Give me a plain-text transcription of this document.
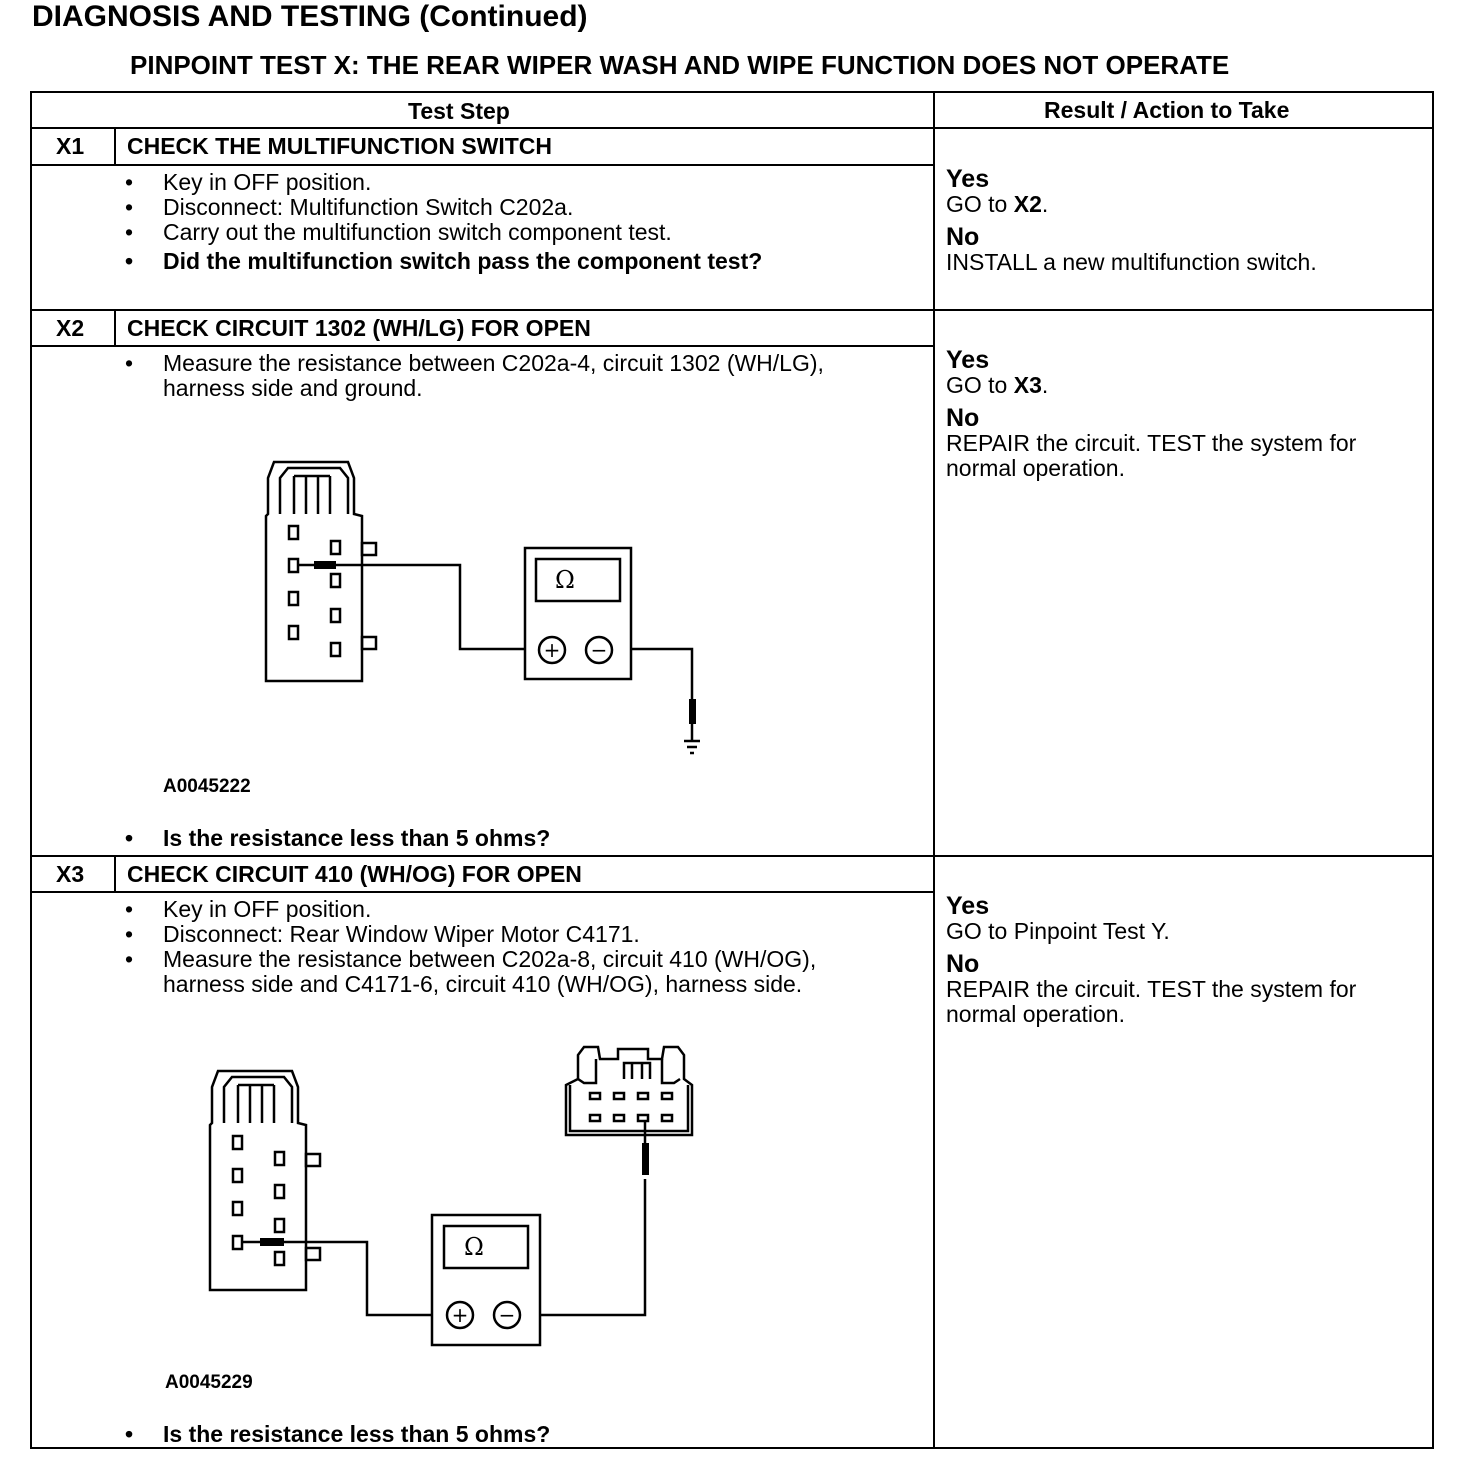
DIAGNOSIS AND TESTING (Continued)
PINPOINT TEST X: THE REAR WIPER WASH AND WIPE FUNCTION DOES NOT OPERATE
Test Step	Result / Action to Take
X1 CHECK THE MULTIFUNCTION SWITCH
• Key in OFF position.
• Disconnect: Multifunction Switch C202a.
• Carry out the multifunction switch component test.
• Did the multifunction switch pass the component test?
Yes
GO to X2.
No
INSTALL a new multifunction switch.
X2 CHECK CIRCUIT 1302 (WH/LG) FOR OPEN
• Measure the resistance between C202a-4, circuit 1302 (WH/LG),
harness side and ground.
Ω
+ −
A0045222
• Is the resistance less than 5 ohms?
Yes
GO to X3.
No
REPAIR the circuit. TEST the system for
normal operation.
X3 CHECK CIRCUIT 410 (WH/OG) FOR OPEN
• Key in OFF position.
• Disconnect: Rear Window Wiper Motor C4171.
• Measure the resistance between C202a-8, circuit 410 (WH/OG),
harness side and C4171-6, circuit 410 (WH/OG), harness side.
Ω
+ −
A0045229
• Is the resistance less than 5 ohms?
Yes
GO to Pinpoint Test Y.
No
REPAIR the circuit. TEST the system for
normal operation.
